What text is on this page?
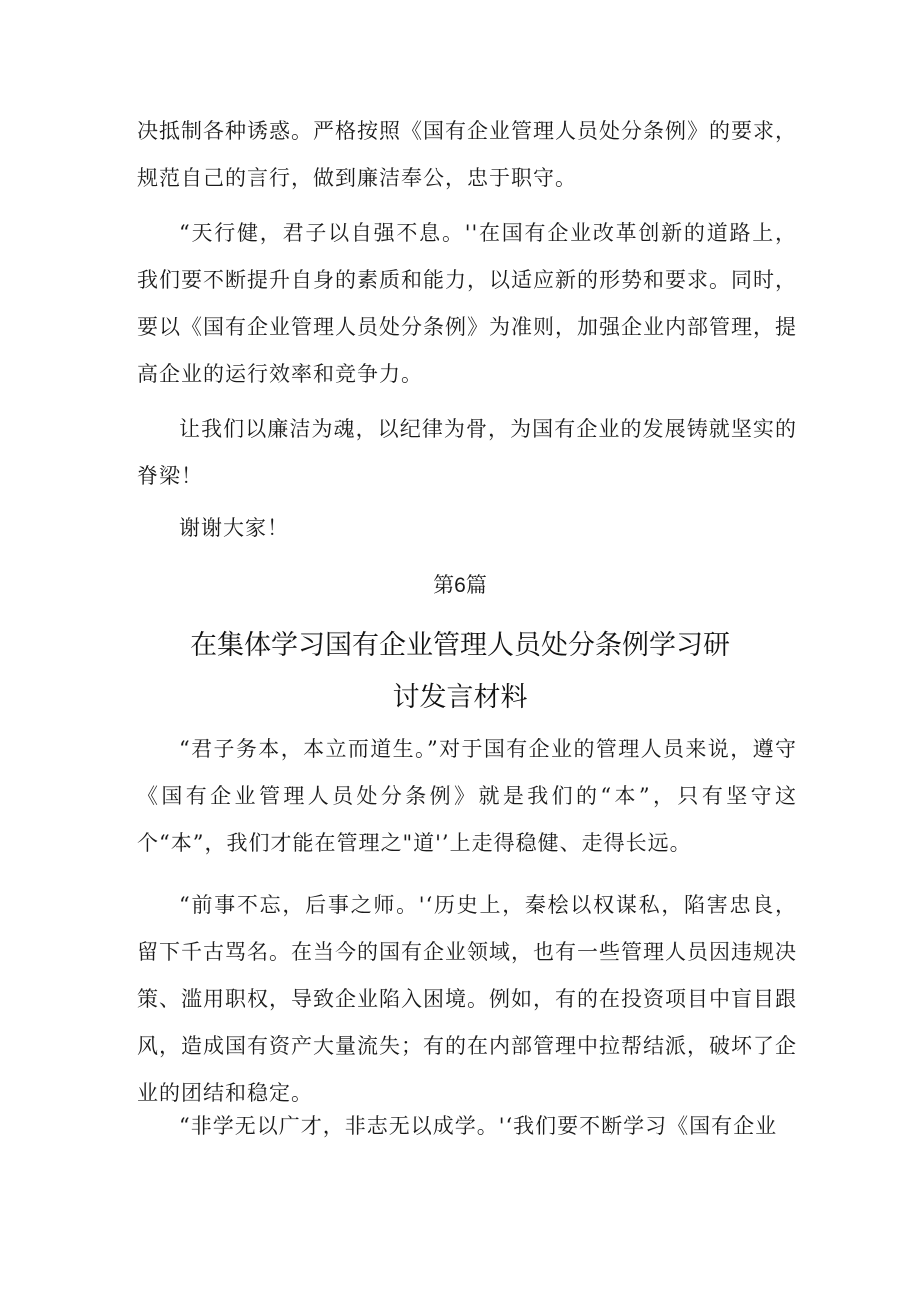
决抵制各种诱惑。严格按照《国有企业管理人员处分条例》的要求，规范自己的言行，做到廉洁奉公，忠于职守。

“天行健，君子以自强不息。''在国有企业改革创新的道路上，我们要不断提升自身的素质和能力，以适应新的形势和要求。同时，要以《国有企业管理人员处分条例》为准则，加强企业内部管理，提高企业的运行效率和竞争力。

让我们以廉洁为魂，以纪律为骨，为国有企业的发展铸就坚实的脊梁！

谢谢大家！

第6篇

在集体学习国有企业管理人员处分条例学习研
讨发言材料

“君子务本，本立而道生。”对于国有企业的管理人员来说，遵守《国有企业管理人员处分条例》就是我们的“本”，只有坚守这个“本”，我们才能在管理之"道'’上走得稳健、走得长远。

“前事不忘，后事之师。'‘历史上，秦桧以权谋私，陷害忠良，留下千古骂名。在当今的国有企业领域，也有一些管理人员因违规决策、滥用职权，导致企业陷入困境。例如，有的在投资项目中盲目跟风，造成国有资产大量流失；有的在内部管理中拉帮结派，破坏了企业的团结和稳定。

“非学无以广才，非志无以成学。'‘我们要不断学习《国有企业
